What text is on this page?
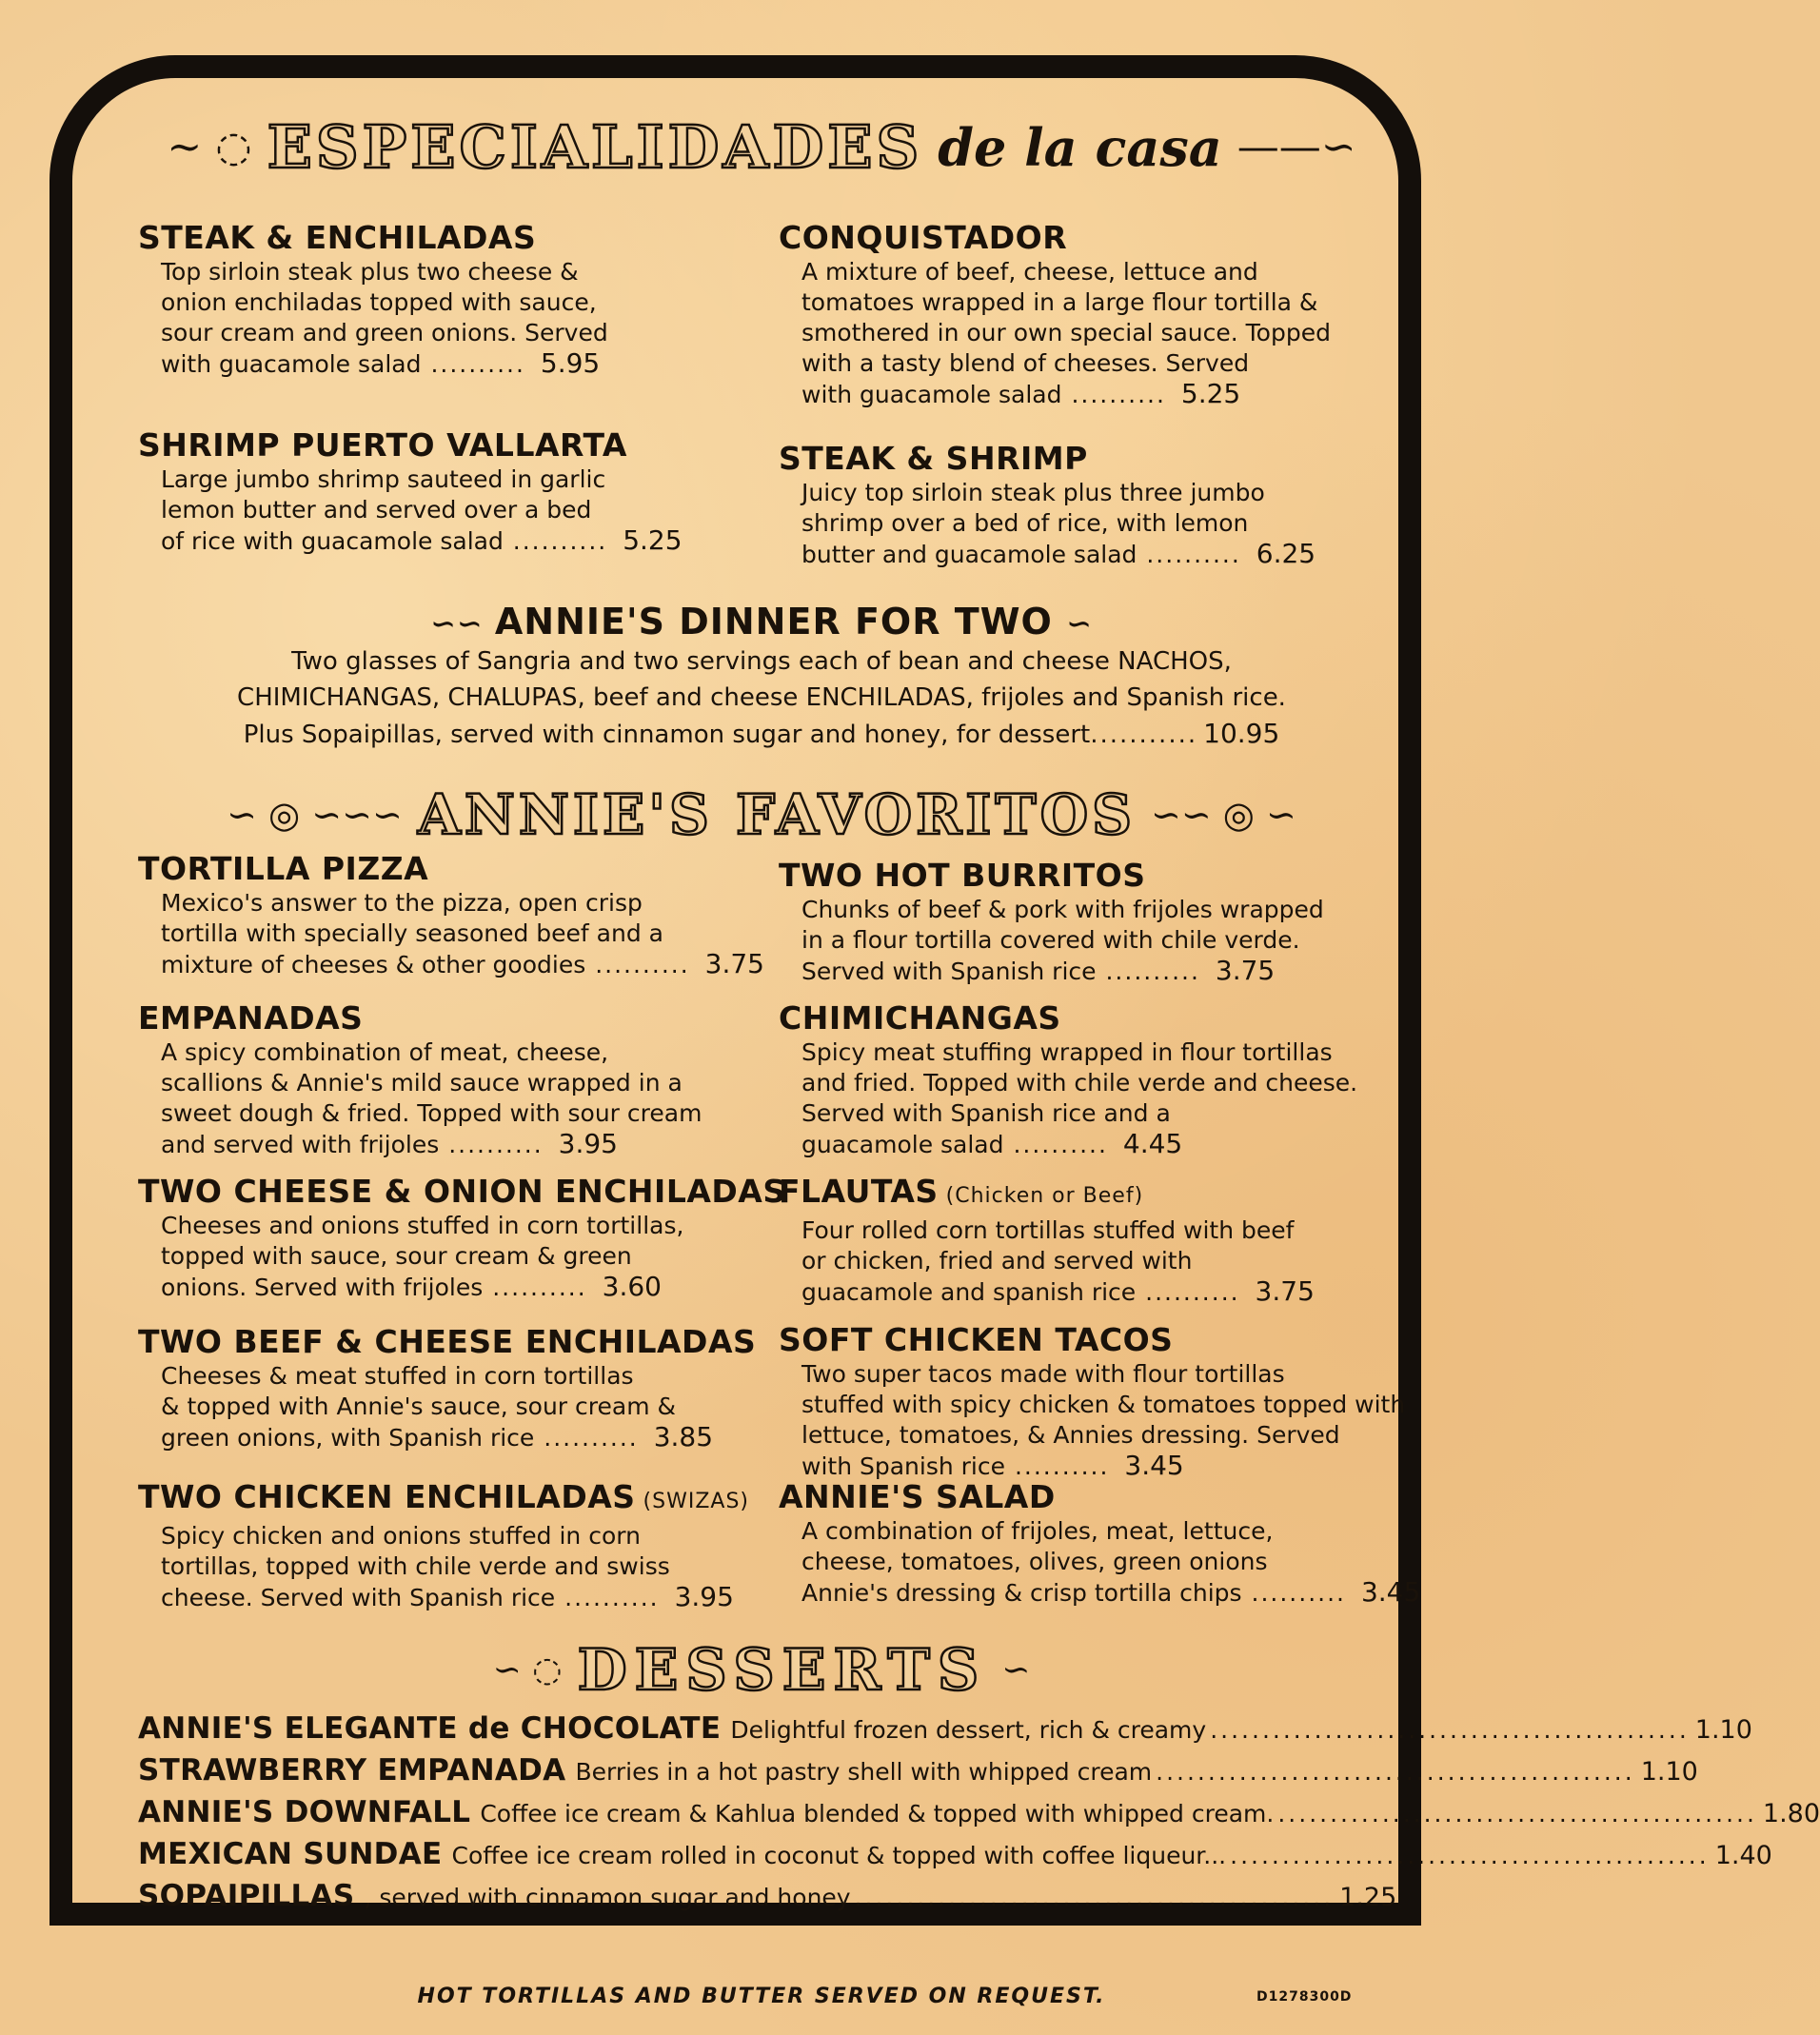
~ ◌ ESPECIALIDADES de la casa ——∽
STEAK & ENCHILADAS
Top sirloin steak plus two cheese &
onion enchiladas topped with sauce,
sour cream and green onions. Served
with guacamole salad .......... 5.95
SHRIMP PUERTO VALLARTA
Large jumbo shrimp sauteed in garlic
lemon butter and served over a bed
of rice with guacamole salad .......... 5.25
CONQUISTADOR
A mixture of beef, cheese, lettuce and
tomatoes wrapped in a large flour tortilla &
smothered in our own special sauce. Topped
with a tasty blend of cheeses. Served
with guacamole salad .......... 5.25
STEAK & SHRIMP
Juicy top sirloin steak plus three jumbo
shrimp over a bed of rice, with lemon
butter and guacamole salad .......... 6.25
∽∽ ANNIE'S DINNER FOR TWO ∽
Two glasses of Sangria and two servings each of bean and cheese NACHOS,
CHIMICHANGAS, CHALUPAS, beef and cheese ENCHILADAS, frijoles and Spanish rice.
Plus Sopaipillas, served with cinnamon sugar and honey, for dessert........... 10.95
∽ ◎ ∽∽∽ ANNIE'S FAVORITOS ∽∽ ◎ ∽
TORTILLA PIZZA
Mexico's answer to the pizza, open crisp
tortilla with specially seasoned beef and a
mixture of cheeses & other goodies .......... 3.75
EMPANADAS
A spicy combination of meat, cheese,
scallions & Annie's mild sauce wrapped in a
sweet dough & fried. Topped with sour cream
and served with frijoles .......... 3.95
TWO CHEESE & ONION ENCHILADAS
Cheeses and onions stuffed in corn tortillas,
topped with sauce, sour cream & green
onions. Served with frijoles .......... 3.60
TWO BEEF & CHEESE ENCHILADAS
Cheeses & meat stuffed in corn tortillas
& topped with Annie's sauce, sour cream &
green onions, with Spanish rice .......... 3.85
TWO CHICKEN ENCHILADAS (SWIZAS)
Spicy chicken and onions stuffed in corn
tortillas, topped with chile verde and swiss
cheese. Served with Spanish rice .......... 3.95
TWO HOT BURRITOS
Chunks of beef & pork with frijoles wrapped
in a flour tortilla covered with chile verde.
Served with Spanish rice .......... 3.75
CHIMICHANGAS
Spicy meat stuffing wrapped in flour tortillas
and fried. Topped with chile verde and cheese.
Served with Spanish rice and a
guacamole salad .......... 4.45
FLAUTAS (Chicken or Beef)
Four rolled corn tortillas stuffed with beef
or chicken, fried and served with
guacamole and spanish rice .......... 3.75
SOFT CHICKEN TACOS
Two super tacos made with flour tortillas
stuffed with spicy chicken & tomatoes topped with
lettuce, tomatoes, & Annies dressing. Served
with Spanish rice .......... 3.45
ANNIE'S SALAD
A combination of frijoles, meat, lettuce,
cheese, tomatoes, olives, green onions
Annie's dressing & crisp tortilla chips .......... 3.45
∽ ◌ DESSERTS ∽
ANNIE'S ELEGANTE de CHOCOLATE Delightful frozen dessert, rich & creamy .............................................. 1.10
STRAWBERRY EMPANADA Berries in a hot pastry shell with whipped cream .............................................. 1.10
ANNIE'S DOWNFALL Coffee ice cream & Kahlua blended & topped with whipped cream. .............................................. 1.80
MEXICAN SUNDAE Coffee ice cream rolled in coconut & topped with coffee liqueur... .............................................. 1.40
SOPAIPILLAS , served with cinnamon sugar and honey .............................................. 1.25
HOT TORTILLAS AND BUTTER SERVED ON REQUEST.	D1278300D
